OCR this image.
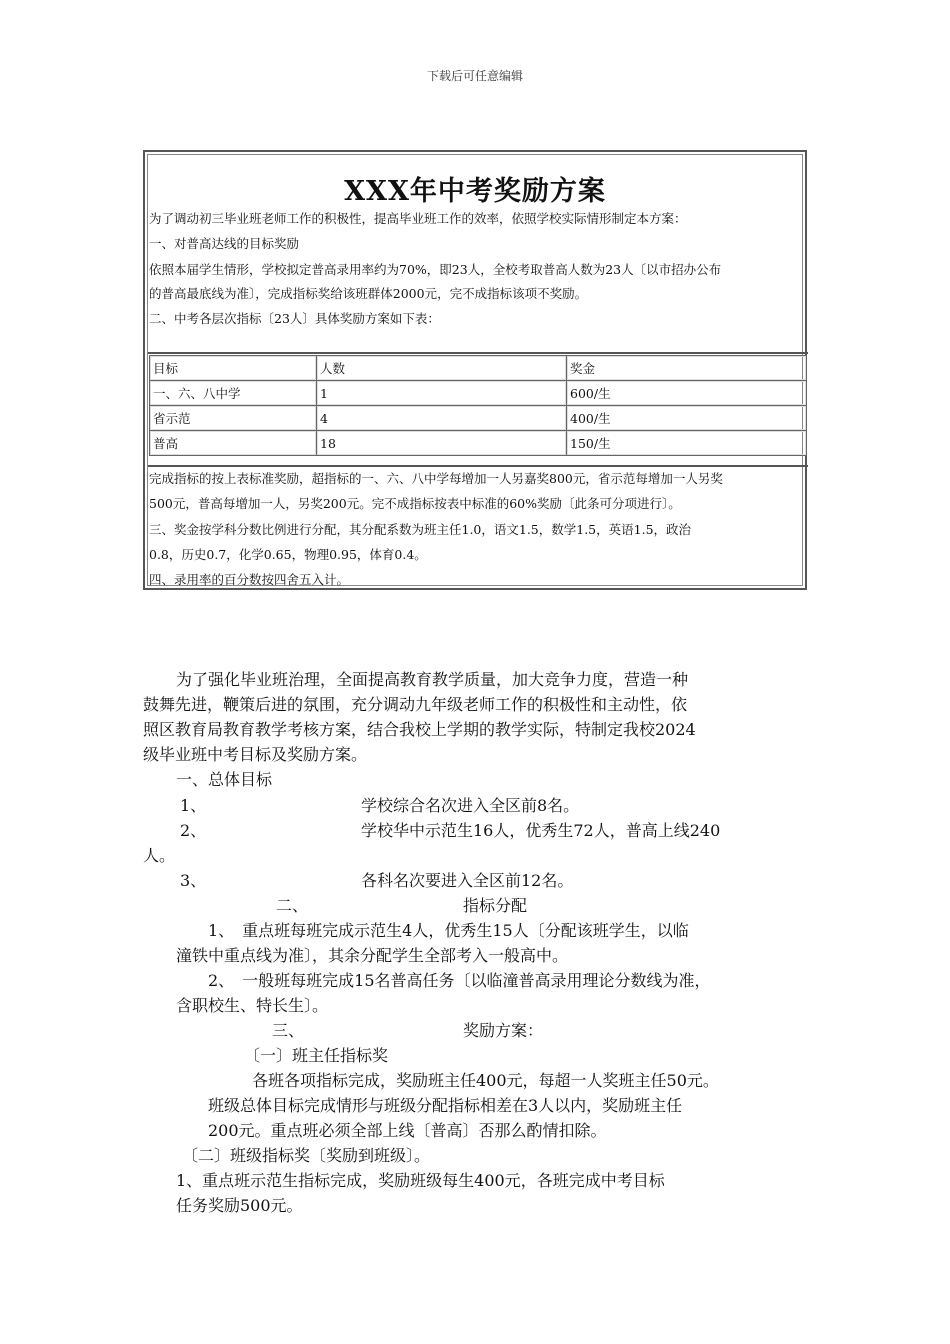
下载后可任意编辑
XXX年中考奖励方案
为了调动初三毕业班老师工作的积极性，提高毕业班工作的效率，依照学校实际情形制定本方案：
一、对普高达线的目标奖励
依照本届学生情形，学校拟定普高录用率约为70%，即23人，全校考取普高人数为23人〔以市招办公布
的普高最底线为准〕，完成指标奖给该班群体2000元，完不成指标该项不奖励。
二、中考各层次指标〔23人〕具体奖励方案如下表：
目标	人数	奖金
一、六、八中学	1	600/生
省示范	4	400/生
普高	18	150/生
完成指标的按上表标准奖励，超指标的一、六、八中学每增加一人另嘉奖800元，省示范每增加一人另奖
500元，普高每增加一人，另奖200元。完不成指标按表中标准的60%奖励〔此条可分项进行〕。
三、奖金按学科分数比例进行分配，其分配系数为班主任1.0，语文1.5，数学1.5，英语1.5，政治
0.8，历史0.7，化学0.65，物理0.95，体育0.4。
四、录用率的百分数按四舍五入计。
为了强化毕业班治理，全面提高教育教学质量，加大竞争力度，营造一种
鼓舞先进，鞭策后进的氛围，充分调动九年级老师工作的积极性和主动性，依
照区教育局教育教学考核方案，结合我校上学期的教学实际，特制定我校2024
级毕业班中考目标及奖励方案。
一、总体目标
1、	学校综合名次进入全区前8名。
2、	学校华中示范生16人，优秀生72人，普高上线240
人。
3、	各科名次要进入全区前12名。
二、	指标分配
1、　重点班每班完成示范生4人，优秀生15人〔分配该班学生，以临
潼铁中重点线为准〕，其余分配学生全部考入一般高中。
2、　一般班每班完成15名普高任务〔以临潼普高录用理论分数线为准，
含职校生、特长生〕。
三、	奖励方案：
〔一〕班主任指标奖
各班各项指标完成，奖励班主任400元，每超一人奖班主任50元。
班级总体目标完成情形与班级分配指标相差在3人以内，奖励班主任
200元。重点班必须全部上线〔普高〕否那么酌情扣除。
〔二〕班级指标奖〔奖励到班级〕。
1、重点班示范生指标完成，奖励班级每生400元，各班完成中考目标
任务奖励500元。
